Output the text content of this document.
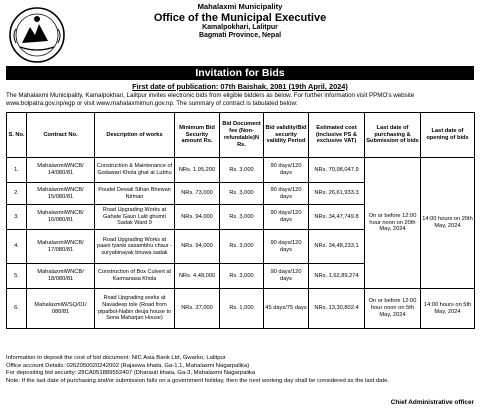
Mahalaxmi Municipality
Office of the Municipal Executive
Kamalpokhari, Lalitpur
Bagmati Province, Nepal
Invitation for Bids
First date of publication: 07th Baishak, 2081 (19th April, 2024)
The Mahalaxmi Municipality, Kamalpokhari, Lalitpur invites electronic bids from eligible bidders as below. For further information visit PPMO's website www.bolpatra.gov.np/egp or visit www.mahalaxmimun.gov.np. The summary of contract is tabulated below:
S. No.	Contract No.	Description of works	Minimum Bid Security amount Rs.	Bid Document fee (Non-refundable)N Rs.	Bid validity/Bid security validity Period	Estimated cost (inclusive PS & exclusive VAT)	Last date of purchasing & Submission of bids	Last date of opening of bids
1.	MahalaxmiWNCB/ 14/080/81	Construction & Maintenance of Godawari Khola ghat at Lubhu	NRs. 1,95,200	Rs. 3,000	90 days/120 days	NRs. 70,98,047.9	On or before 12:00 hour noon on 20th May, 2024	14:00 hours on 20th May, 2024
2.	MahalaxmiWNCB/ 15/080/81	Poudel Dewali Sthan Bhewan Nirman	NRs. 73,000	Rs. 3,000	90 days/120 days	NRs. 26,61,933.3		
3.	MahalaxmiWNCB/ 16/080/81	Road Upgrading Works at Gahate Gaun Lalit ghumti Sadak Ward 9	NRs. 94,000	Rs. 3,000	90 days/120 days	NRs. 34,47,749.8		
4.	MahalaxmiWNCB/ 17/080/81	Road Upgrading Works at paani tyanki sasambhu chaur - suryabinayak biruwa sadak	NRs. 94,000	Rs. 3,000	90 days/120 days	NRs. 34,48,233.1		
5.	MahalaxmiWNCB/ 18/080/81	Construction of Box Culvert at Karmanasa Khola	NRs. 4,48,000	Rs. 3,000	90 days/120 days	NRs. 1,62,89,274		
6.	MahalaxmiW/SQ/01/ 080/81	Road Upgrading works at Navadeep tole (Road from pipalbot-Nabin deuja house to Sona Maharjan House)	NRs. 37,000	Rs. 1,000	45 days/75 days	NRs. 13,30,802.4	On or before 12:00 hour noon on 5th May, 2024	14:00 hours on 5th May, 2024
Information to deposit the cost of bid document: NIC Asia Bank Ltd, Gwarko, Lalitpur
Office account Details: 0262050020242002 (Rajaswa khata, Ga-1.1, Mahalaxmi Nagarpalika)
For depositing bid security: 28CA051889552407 (Dharauti khata, Ga-3, Mahalaxmi Nagarpalika
Note: If the last date of purchasing and/or submission falls on a government holiday, then the next working day shall be considered as the last date.
Chief Administrative officer
